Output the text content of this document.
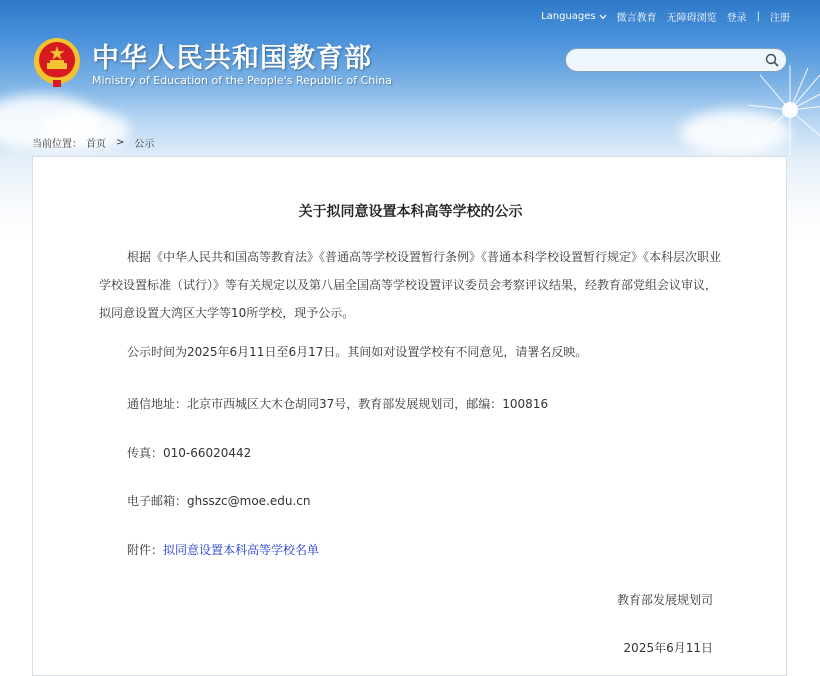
Languages 微言教育 无障碍浏览 登录 | 注册
中华人民共和国教育部
Ministry of Education of the People's Republic of China
当前位置： 首页 > 公示
关于拟同意设置本科高等学校的公示

根据《中华人民共和国高等教育法》《普通高等学校设置暂行条例》《普通本科学校设置暂行规定》《本科层次职业学校设置标准（试行）》等有关规定以及第八届全国高等学校设置评议委员会考察评议结果，经教育部党组会议审议，拟同意设置大湾区大学等10所学校，现予公示。

公示时间为2025年6月11日至6月17日。其间如对设置学校有不同意见，请署名反映。
通信地址：北京市西城区大木仓胡同37号，教育部发展规划司，邮编：100816
传真：010-66020442
电子邮箱：ghsszc@moe.edu.cn
附件：拟同意设置本科高等学校名单
教育部发展规划司
2025年6月11日
